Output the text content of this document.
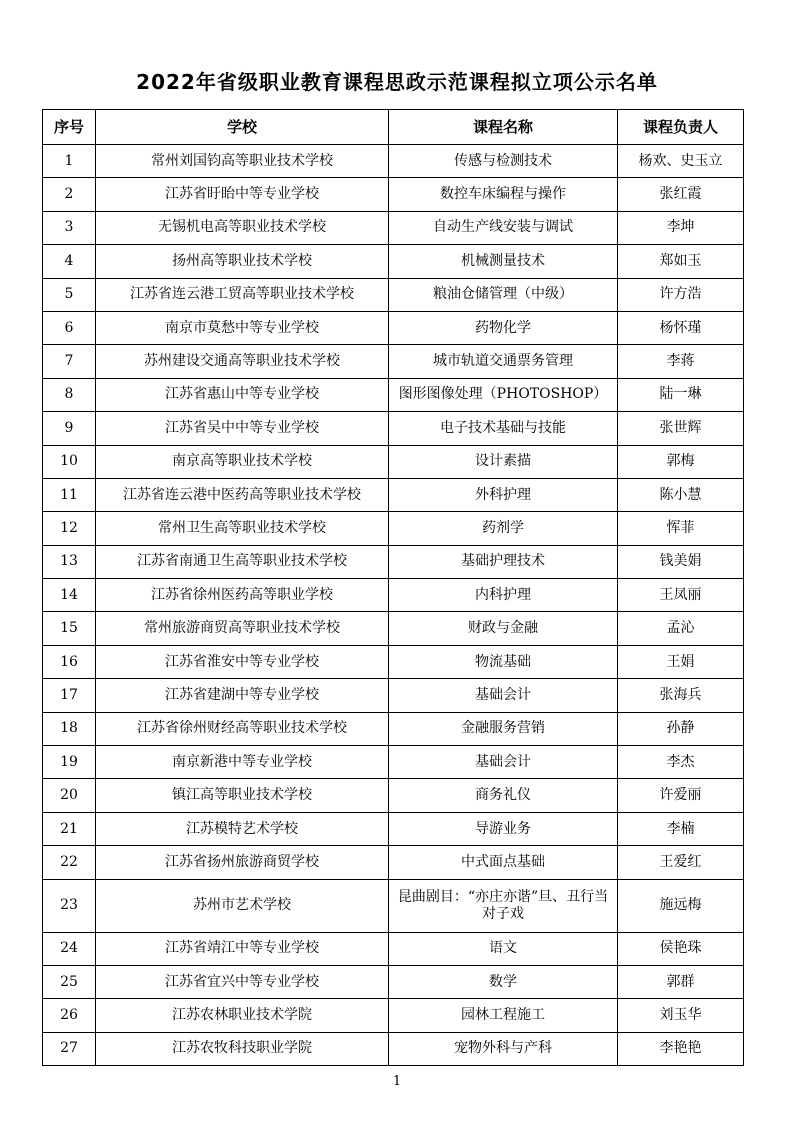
2022年省级职业教育课程思政示范课程拟立项公示名单
序号	学校	课程名称	课程负责人
1	常州刘国钧高等职业技术学校	传感与检测技术	杨欢、史玉立
2	江苏省盱眙中等专业学校	数控车床编程与操作	张红霞
3	无锡机电高等职业技术学校	自动生产线安装与调试	李坤
4	扬州高等职业技术学校	机械测量技术	郑如玉
5	江苏省连云港工贸高等职业技术学校	粮油仓储管理（中级）	许方浩
6	南京市莫愁中等专业学校	药物化学	杨怀瑾
7	苏州建设交通高等职业技术学校	城市轨道交通票务管理	李蒋
8	江苏省惠山中等专业学校	图形图像处理（PHOTOSHOP）	陆一琳
9	江苏省吴中中等专业学校	电子技术基础与技能	张世辉
10	南京高等职业技术学校	设计素描	郭梅
11	江苏省连云港中医药高等职业技术学校	外科护理	陈小慧
12	常州卫生高等职业技术学校	药剂学	恽菲
13	江苏省南通卫生高等职业技术学校	基础护理技术	钱美娟
14	江苏省徐州医药高等职业学校	内科护理	王凤丽
15	常州旅游商贸高等职业技术学校	财政与金融	孟沁
16	江苏省淮安中等专业学校	物流基础	王娟
17	江苏省建湖中等专业学校	基础会计	张海兵
18	江苏省徐州财经高等职业技术学校	金融服务营销	孙静
19	南京新港中等专业学校	基础会计	李杰
20	镇江高等职业技术学校	商务礼仪	许爱丽
21	江苏模特艺术学校	导游业务	李楠
22	江苏省扬州旅游商贸学校	中式面点基础	王爱红
23	苏州市艺术学校	昆曲剧目：“亦庄亦谐”旦、丑行当对子戏	施远梅
24	江苏省靖江中等专业学校	语文	侯艳珠
25	江苏省宜兴中等专业学校	数学	郭群
26	江苏农林职业技术学院	园林工程施工	刘玉华
27	江苏农牧科技职业学院	宠物外科与产科	李艳艳
1
